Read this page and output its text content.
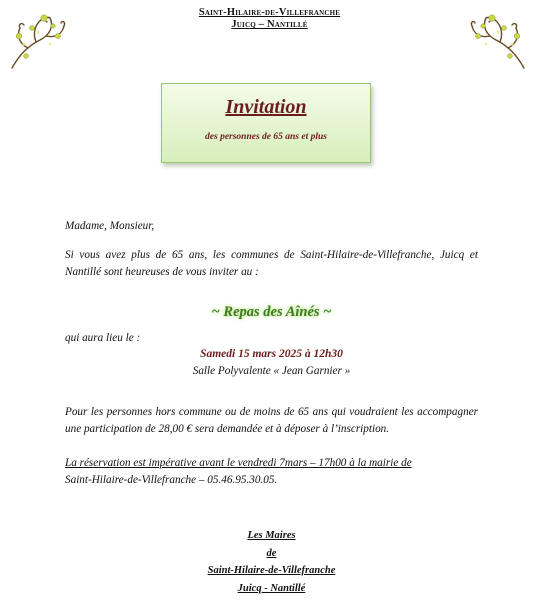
Saint-Hilaire-de-Villefranche
Juicq – Nantillé
Invitation
des personnes de 65 ans et plus
Madame, Monsieur,
Si vous avez plus de 65 ans, les communes de Saint-Hilaire-de-Villefranche, Juicq et Nantillé sont heureuses de vous inviter au :
~ Repas des Aînés ~
qui aura lieu le :
Samedi 15 mars 2025 à 12h30
Salle Polyvalente « Jean Garnier »
Pour les personnes hors commune ou de moins de 65 ans qui voudraient les accompagner une participation de 28,00 € sera demandée et à déposer à l’inscription.
La réservation est impérative avant le vendredi 7mars – 17h00 à la mairie de
Saint-Hilaire-de-Villefranche – 05.46.95.30.05.
Les Maires
de
Saint-Hilaire-de-Villefranche
Juicq - Nantillé
